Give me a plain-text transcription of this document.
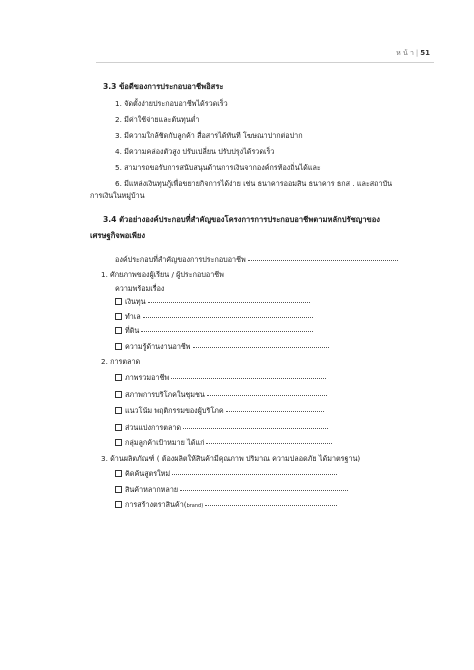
ห น้ า | 51
3.3 ข้อดีของการประกอบอาชีพอิสระ
1. จัดตั้งง่ายประกอบอาชีพได้รวดเร็ว
2. มีค่าใช้จ่ายและต้นทุนต่ำ
3. มีความใกล้ชิดกับลูกค้า สื่อสารได้ทันที โฆษณาปากต่อปาก
4. มีความคล่องตัวสูง ปรับเปลี่ยน ปรับปรุงได้รวดเร็ว
5. สามารถขอรับการสนับสนุนด้านการเงินจากองค์กรท้องถิ่นได้และ
6. มีแหล่งเงินทุนกู้เพื่อขยายกิจการได้ง่าย เช่น ธนาคารออมสิน ธนาคาร ธกส . และสถาบัน
การเงินในหมู่บ้าน
3.4 ตัวอย่างองค์ประกอบที่สำคัญของโครงการการประกอบอาชีพตามหลักปรัชญาของ
เศรษฐกิจพอเพียง
องค์ประกอบที่สำคัญของการประกอบอาชีพ
1. ศักยภาพของผู้เรียน / ผู้ประกอบอาชีพ
ความพร้อมเรื่อง
เงินทุน
ทำเล
ที่ดิน
ความรู้ด้านงานอาชีพ
2. การตลาด
ภาพรวมอาชีพ
สภาพการบริโภคในชุมชน
แนวโน้ม พฤติกรรมของผู้บริโภค
ส่วนแบ่งการตลาด
กลุ่มลูกค้าเป้าหมาย ได้แก่
3. ด้านผลิตภัณฑ์ ( ต้องผลิตให้สินค้ามีคุณภาพ ปริมาณ ความปลอดภัย ได้มาตรฐาน)
คิดค้นสูตรใหม่
สินค้าหลากหลาย
การสร้างตราสินค้า(brand)
